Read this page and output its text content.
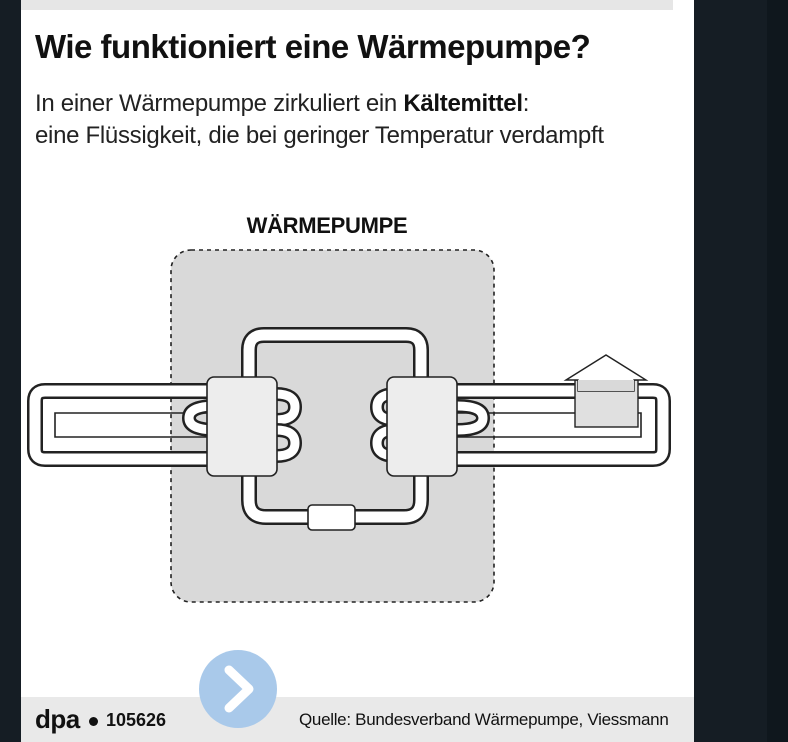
Wie funktioniert eine Wärmepumpe?

In einer Wärmepumpe zirkuliert ein Kältemittel:
eine Flüssigkeit, die bei geringer Temperatur verdampft

WÄRMEPUMPE
dpa 105626	Quelle: Bundesverband Wärmepumpe, Viessmann
